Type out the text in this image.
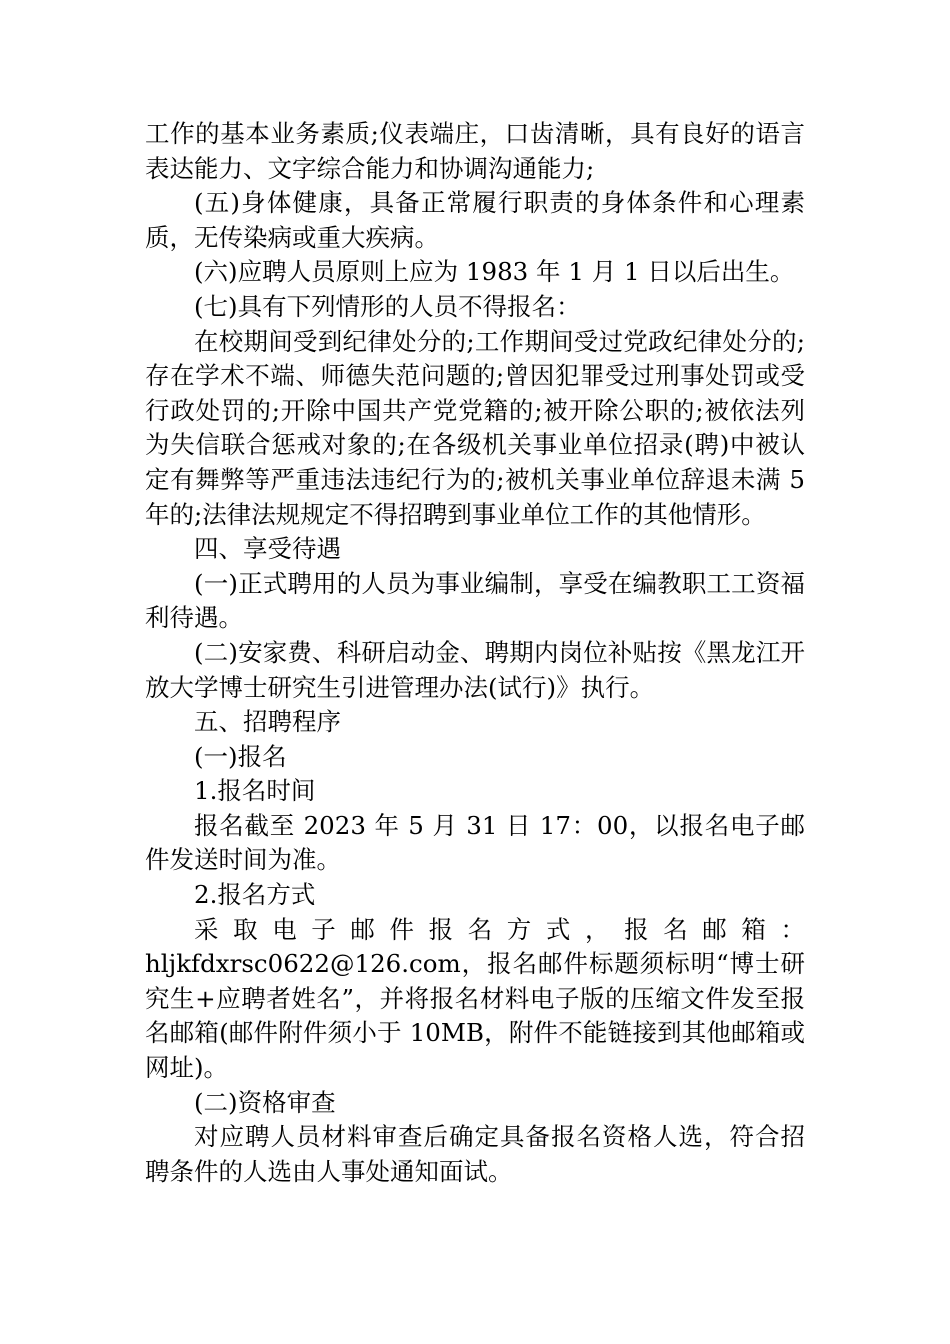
工作的基本业务素质;仪表端庄，口齿清晰，具有良好的语言表达能力、文字综合能力和协调沟通能力;

(五)身体健康，具备正常履行职责的身体条件和心理素质，无传染病或重大疾病。

(六)应聘人员原则上应为 1983 年 1 月 1 日以后出生。

(七)具有下列情形的人员不得报名：

在校期间受到纪律处分的;工作期间受过党政纪律处分的;存在学术不端、师德失范问题的;曾因犯罪受过刑事处罚或受行政处罚的;开除中国共产党党籍的;被开除公职的;被依法列为失信联合惩戒对象的;在各级机关事业单位招录(聘)中被认定有舞弊等严重违法违纪行为的;被机关事业单位辞退未满 5 年的;法律法规规定不得招聘到事业单位工作的其他情形。

四、享受待遇

(一)正式聘用的人员为事业编制，享受在编教职工工资福利待遇。

(二)安家费、科研启动金、聘期内岗位补贴按《黑龙江开放大学博士研究生引进管理办法(试行)》执行。

五、招聘程序

(一)报名

1.报名时间

报名截至 2023 年 5 月 31 日 17：00，以报名电子邮件发送时间为准。

2.报名方式

采取电子邮件报名方式，报名邮箱：

hljkfdxrsc0622@126.com，报名邮件标题须标明“博士研究生+应聘者姓名”，并将报名材料电子版的压缩文件发至报名邮箱(邮件附件须小于 10MB，附件不能链接到其他邮箱或网址)。

(二)资格审查

对应聘人员材料审查后确定具备报名资格人选，符合招聘条件的人选由人事处通知面试。
